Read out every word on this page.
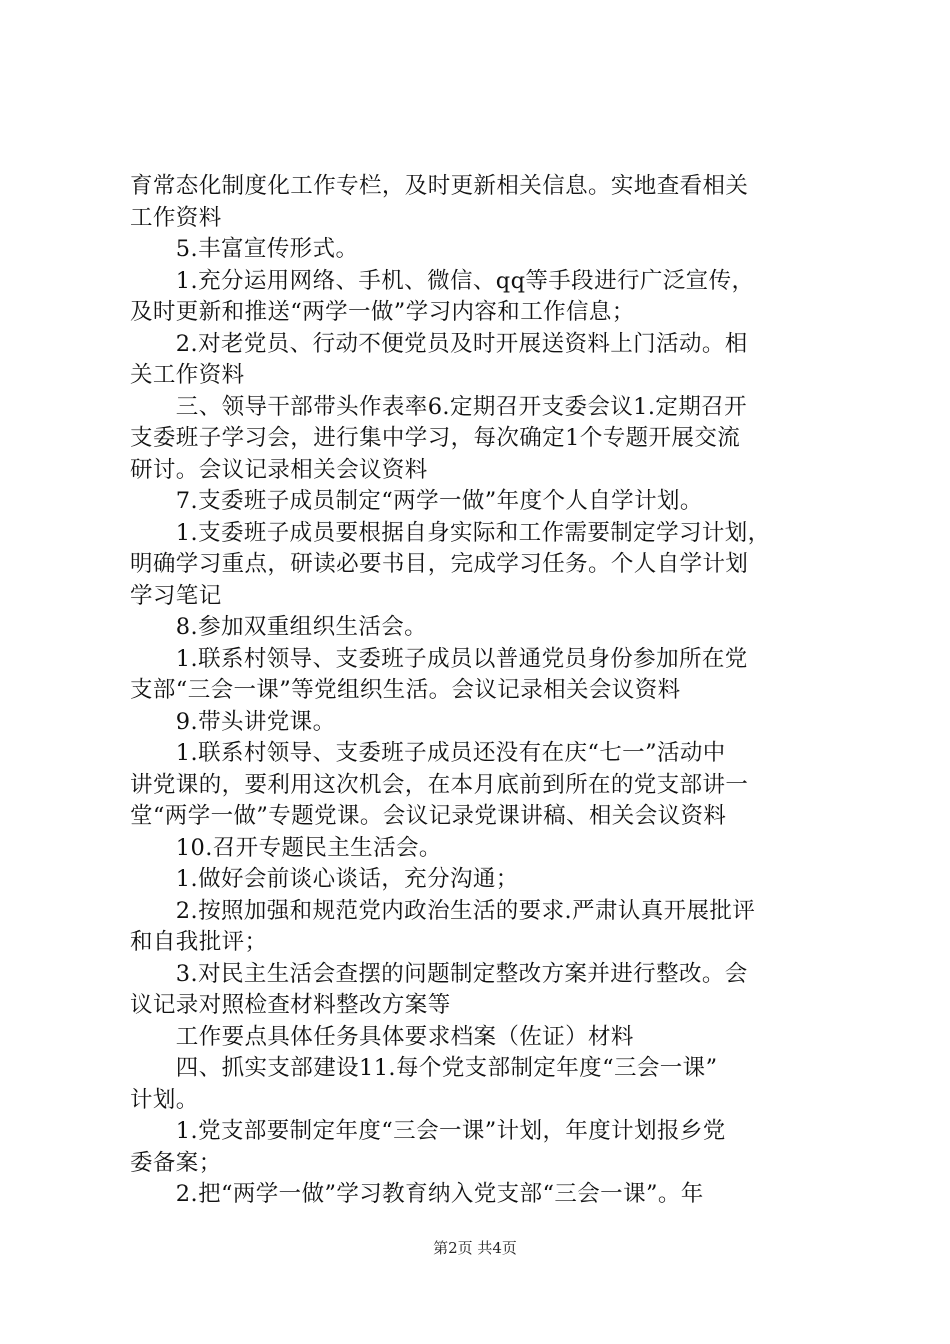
育常态化制度化工作专栏，及时更新相关信息。实地查看相关
工作资料
　　5.丰富宣传形式。
　　1.充分运用网络、手机、微信、qq等手段进行广泛宣传，
及时更新和推送“两学一做”学习内容和工作信息；
　　2.对老党员、行动不便党员及时开展送资料上门活动。相
关工作资料
　　三、领导干部带头作表率6.定期召开支委会议1.定期召开
支委班子学习会，进行集中学习，每次确定1个专题开展交流
研讨。会议记录相关会议资料
　　7.支委班子成员制定“两学一做”年度个人自学计划。
　　1.支委班子成员要根据自身实际和工作需要制定学习计划，
明确学习重点，研读必要书目，完成学习任务。个人自学计划
学习笔记
　　8.参加双重组织生活会。
　　1.联系村领导、支委班子成员以普通党员身份参加所在党
支部“三会一课”等党组织生活。会议记录相关会议资料
　　9.带头讲党课。
　　1.联系村领导、支委班子成员还没有在庆“七一”活动中
讲党课的，要利用这次机会，在本月底前到所在的党支部讲一
堂“两学一做”专题党课。会议记录党课讲稿、相关会议资料
　　10.召开专题民主生活会。
　　1.做好会前谈心谈话，充分沟通；
　　2.按照加强和规范党内政治生活的要求.严肃认真开展批评
和自我批评；
　　3.对民主生活会查摆的问题制定整改方案并进行整改。会
议记录对照检查材料整改方案等
　　工作要点具体任务具体要求档案（佐证）材料
　　四、抓实支部建设11.每个党支部制定年度“三会一课”
计划。
　　1.党支部要制定年度“三会一课”计划，年度计划报乡党
委备案；
　　2.把“两学一做”学习教育纳入党支部“三会一课”。年
第2页 共4页
